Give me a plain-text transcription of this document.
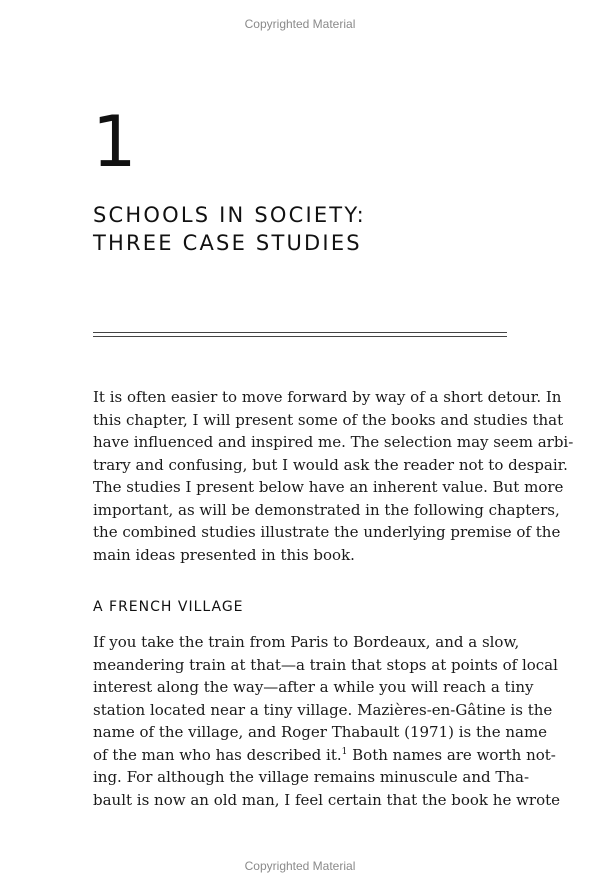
Copyrighted Material
1
SCHOOLS IN SOCIETY:
THREE CASE STUDIES

It is often easier to move forward by way of a short detour. In
this chapter, I will present some of the books and studies that
have influenced and inspired me. The selection may seem arbi-
trary and confusing, but I would ask the reader not to despair.
The studies I present below have an inherent value. But more
important, as will be demonstrated in the following chapters,
the combined studies illustrate the underlying premise of the
main ideas presented in this book.

A FRENCH VILLAGE

If you take the train from Paris to Bordeaux, and a slow,
meandering train at that—a train that stops at points of local
interest along the way—after a while you will reach a tiny
station located near a tiny village. Mazières-en-Gâtine is the
name of the village, and Roger Thabault (1971) is the name
of the man who has described it.$^1$ Both names are worth not-
ing. For although the village remains minuscule and Tha-
bault is now an old man, I feel certain that the book he wrote

Copyrighted Material
